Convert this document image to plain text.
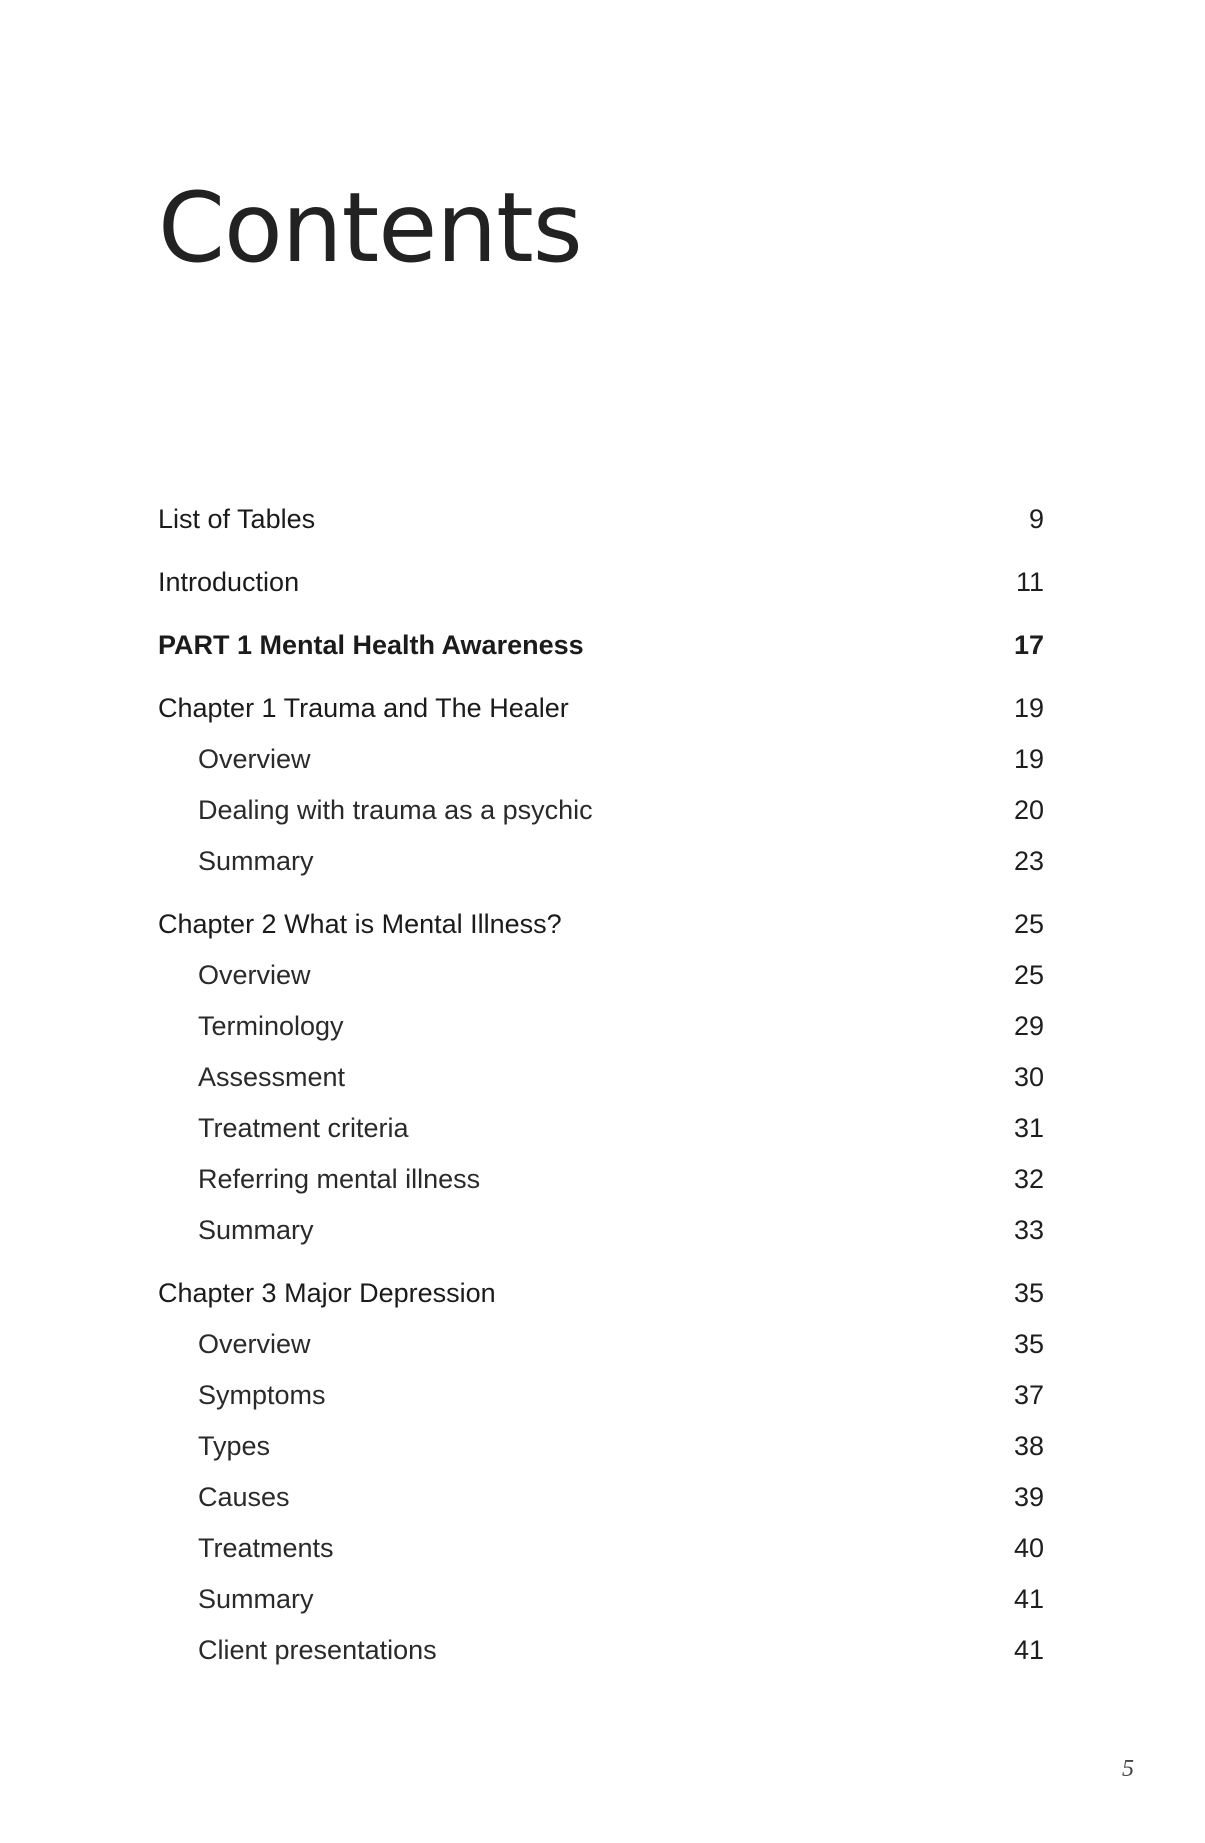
Contents
List of Tables	9
Introduction	11
PART 1 Mental Health Awareness	17
Chapter 1 Trauma and The Healer	19
Overview	19
Dealing with trauma as a psychic	20
Summary	23
Chapter 2 What is Mental Illness?	25
Overview	25
Terminology	29
Assessment	30
Treatment criteria	31
Referring mental illness	32
Summary	33
Chapter 3 Major Depression	35
Overview	35
Symptoms	37
Types	38
Causes	39
Treatments	40
Summary	41
Client presentations	41
5
